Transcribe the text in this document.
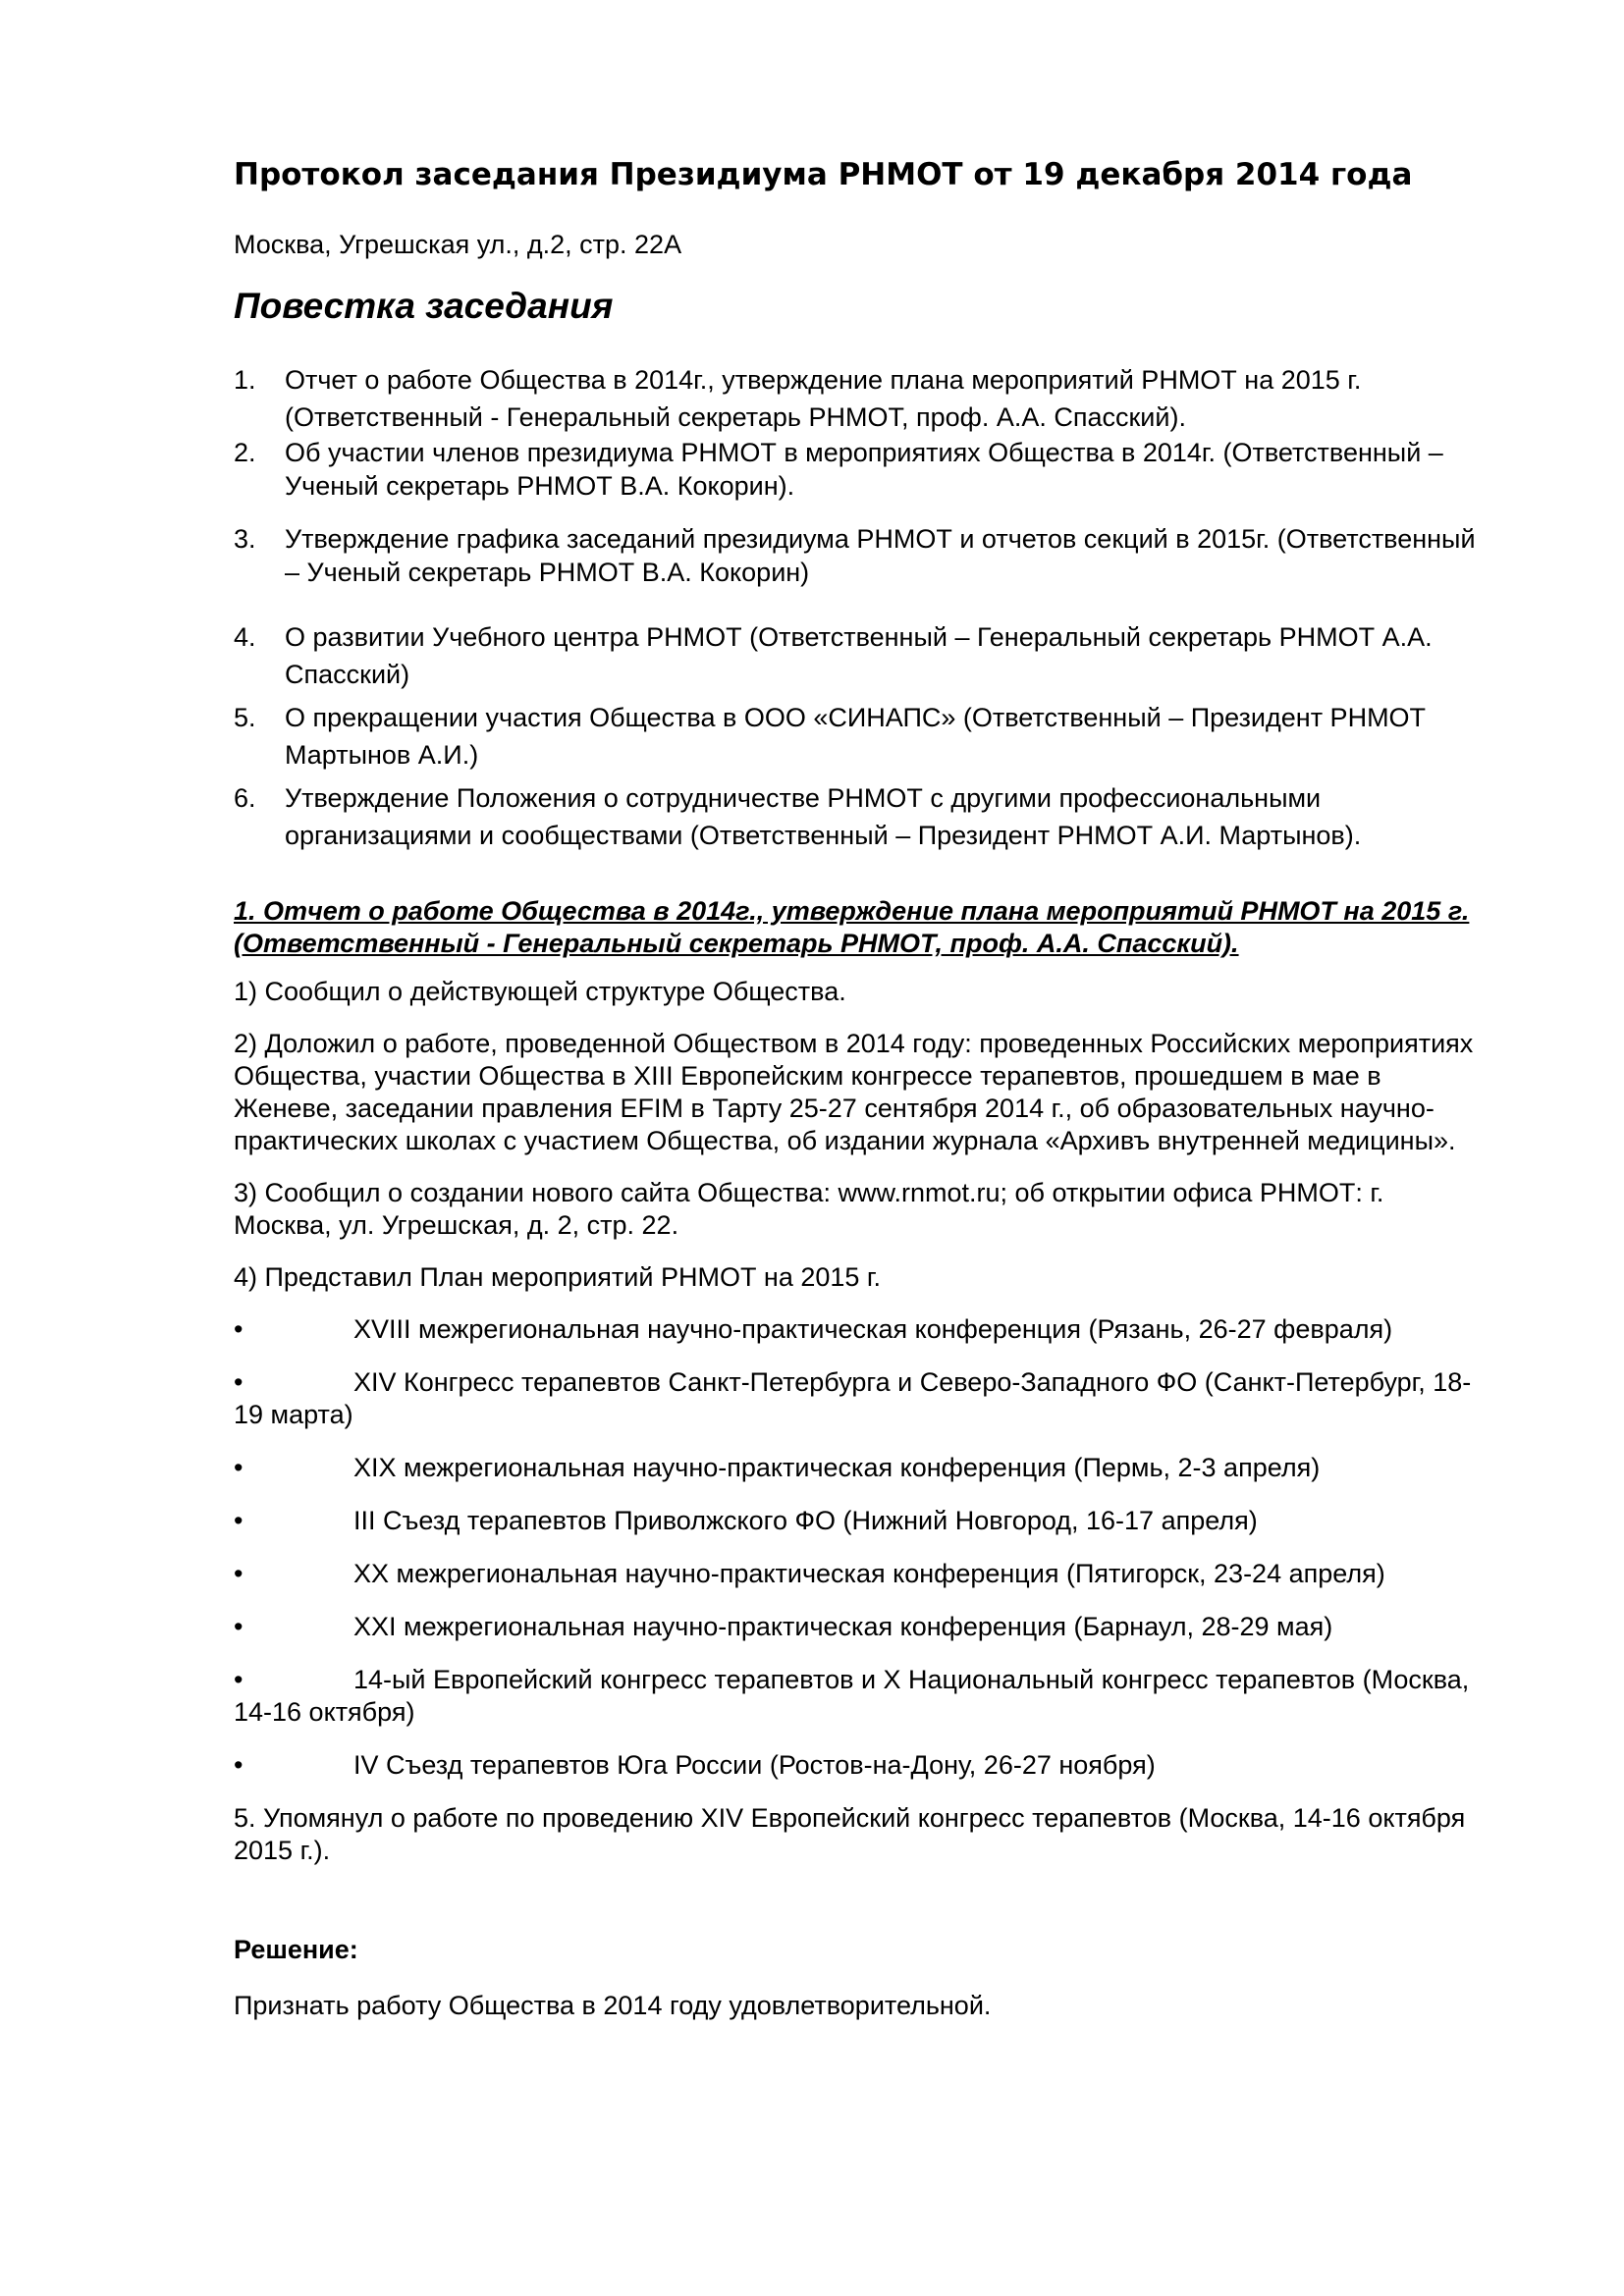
Протокол заседания Президиума РНМОТ от 19 декабря 2014 года
Москва, Угрешская ул., д.2, стр. 22А
Повестка заседания
1.	Отчет о работе Общества в 2014г., утверждение плана мероприятий РНМОТ на 2015 г. (Ответственный - Генеральный секретарь РНМОТ, проф. А.А. Спасский).
2.	Об участии членов президиума РНМОТ в мероприятиях Общества в 2014г. (Ответственный – Ученый секретарь РНМОТ В.А. Кокорин).
3.	Утверждение графика заседаний президиума РНМОТ и отчетов секций в 2015г. (Ответственный – Ученый секретарь РНМОТ В.А. Кокорин)
4.	О развитии Учебного центра РНМОТ (Ответственный – Генеральный секретарь РНМОТ А.А. Спасский)
5.	О прекращении участия Общества в ООО «СИНАПС» (Ответственный – Президент РНМОТ Мартынов А.И.)
6.	Утверждение Положения о сотрудничестве РНМОТ с другими профессиональными организациями и сообществами (Ответственный – Президент РНМОТ А.И. Мартынов).
1. Отчет о работе Общества в 2014г., утверждение плана мероприятий РНМОТ на 2015 г. (Ответственный - Генеральный секретарь РНМОТ, проф. А.А. Спасский).
1) Сообщил о действующей структуре Общества.
2) Доложил о работе, проведенной Обществом в 2014 году: проведенных Российских мероприятиях Общества, участии Общества в XIII Европейским конгрессе терапевтов, прошедшем в мае в Женеве, заседании правления EFIM в Тарту 25-27 сентября 2014 г., об образовательных научно-практических школах с участием Общества, об издании журнала «Архивъ внутренней медицины».
3) Сообщил о создании нового сайта Общества: www.rnmot.ru; об открытии офиса РНМОТ: г. Москва, ул. Угрешская, д. 2, стр. 22.
4) Представил План мероприятий РНМОТ на 2015 г.
•	XVIII межрегиональная научно-практическая конференция (Рязань, 26-27 февраля)
•	XIV Конгресс терапевтов Санкт-Петербурга и Северо-Западного ФО (Санкт-Петербург, 18-19 марта)
•	XIX межрегиональная научно-практическая конференция (Пермь, 2-3 апреля)
•	III Съезд терапевтов Приволжского ФО (Нижний Новгород, 16-17 апреля)
•	XX межрегиональная научно-практическая конференция (Пятигорск, 23-24 апреля)
•	XXI межрегиональная научно-практическая конференция (Барнаул, 28-29 мая)
•	14-ый Европейский конгресс терапевтов и X Национальный конгресс терапевтов (Москва, 14-16 октября)
•	IV Съезд терапевтов Юга России (Ростов-на-Дону, 26-27 ноября)
5. Упомянул о работе по проведению XIV Европейский конгресс терапевтов (Москва, 14-16 октября 2015 г.).
Решение:
Признать работу Общества в 2014 году удовлетворительной.
